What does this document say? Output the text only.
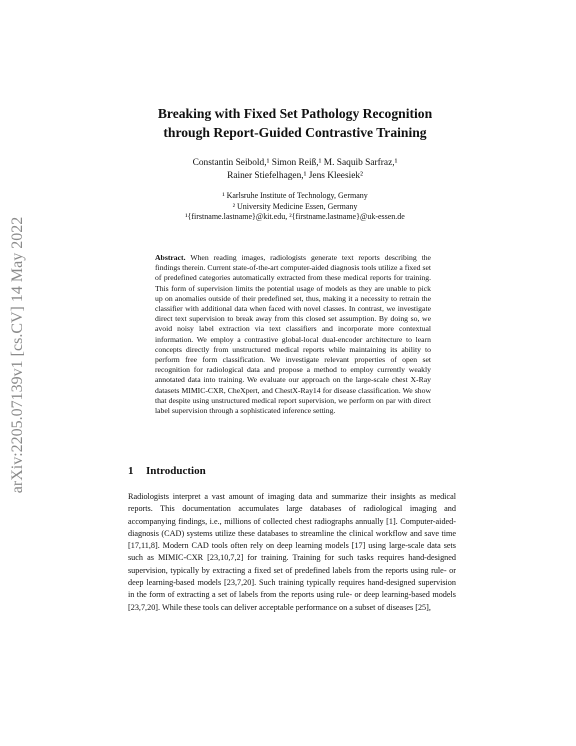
arXiv:2205.07139v1 [cs.CV] 14 May 2022
Breaking with Fixed Set Pathology Recognition
through Report-Guided Contrastive Training
Constantin Seibold,¹ Simon Reiß,¹ M. Saquib Sarfraz,¹
Rainer Stiefelhagen,¹ Jens Kleesiek²
¹ Karlsruhe Institute of Technology, Germany
² University Medicine Essen, Germany
¹{firstname.lastname}@kit.edu, ²{firstname.lastname}@uk-essen.de
Abstract. When reading images, radiologists generate text reports describing the findings therein. Current state-of-the-art computer-aided diagnosis tools utilize a fixed set of predefined categories automatically extracted from these medical reports for training. This form of supervision limits the potential usage of models as they are unable to pick up on anomalies outside of their predefined set, thus, making it a necessity to retrain the classifier with additional data when faced with novel classes. In contrast, we investigate direct text supervision to break away from this closed set assumption. By doing so, we avoid noisy label extraction via text classifiers and incorporate more contextual information. We employ a contrastive global-local dual-encoder architecture to learn concepts directly from unstructured medical reports while maintaining its ability to perform free form classification. We investigate relevant properties of open set recognition for radiological data and propose a method to employ currently weakly annotated data into training. We evaluate our approach on the large-scale chest X-Ray datasets MIMIC-CXR, CheXpert, and ChestX-Ray14 for disease classification. We show that despite using unstructured medical report supervision, we perform on par with direct label supervision through a sophisticated inference setting.
1 Introduction
Radiologists interpret a vast amount of imaging data and summarize their insights as medical reports. This documentation accumulates large databases of radiological imaging and accompanying findings, i.e., millions of collected chest radiographs annually [1]. Computer-aided-diagnosis (CAD) systems utilize these databases to streamline the clinical workflow and save time [17,11,8]. Modern CAD tools often rely on deep learning models [17] using large-scale data sets such as MIMIC-CXR [23,10,7,2] for training. Training for such tasks requires hand-designed supervision, typically by extracting a fixed set of predefined labels from the reports using rule- or deep learning-based models [23,7,20]. Such training typically requires hand-designed supervision in the form of extracting a set of labels from the reports using rule- or deep learning-based models [23,7,20]. While these tools can deliver acceptable performance on a subset of diseases [25],
